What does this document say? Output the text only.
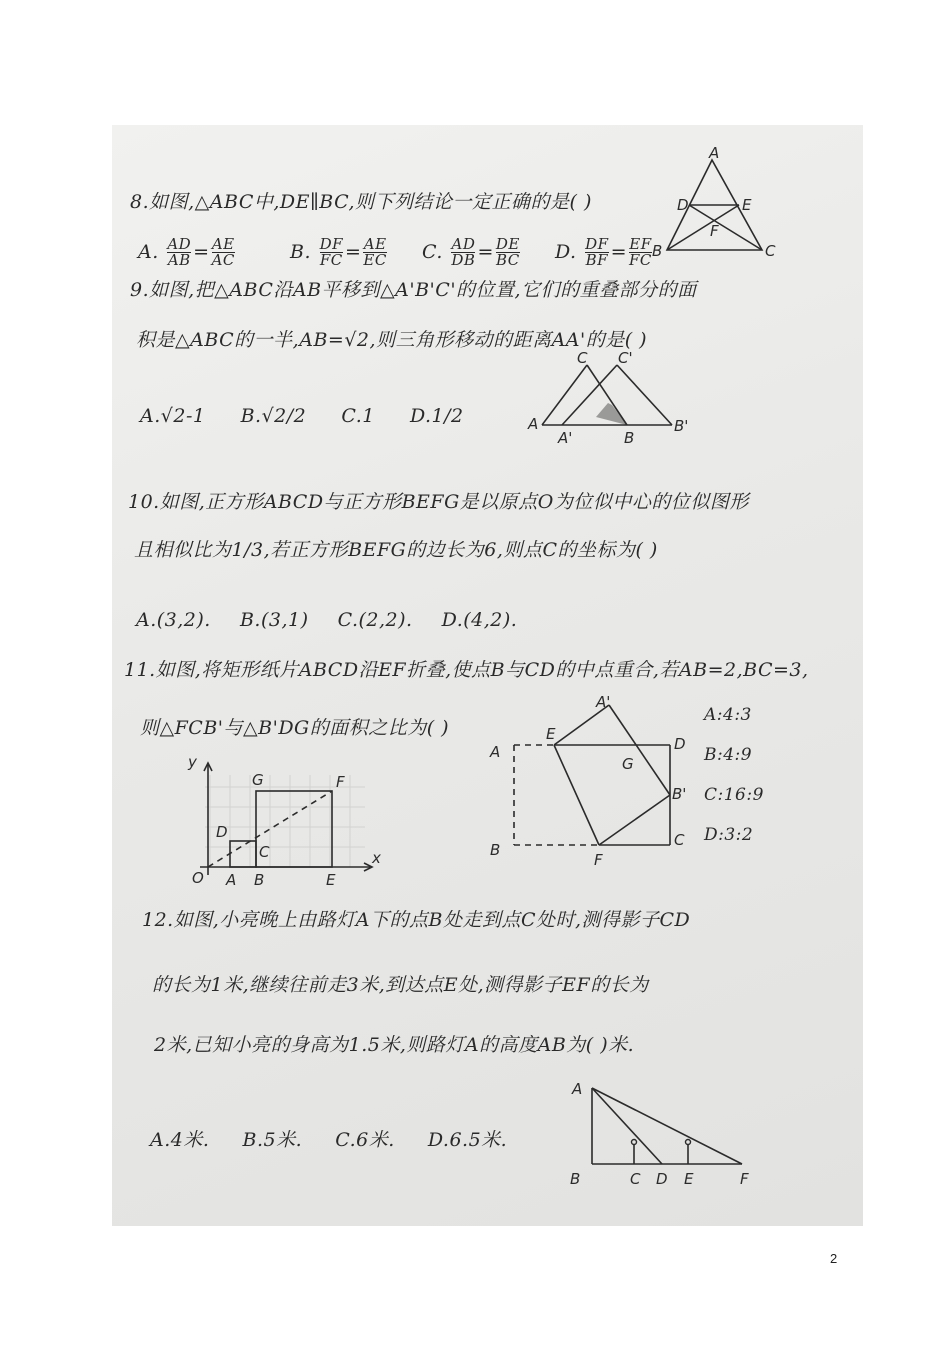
8.如图,△ABC中,DE∥BC,则下列结论一定正确的是( )
A. $\frac{AD}{AB} = \frac{AE}{AC}$	B. $\frac{DF}{FC} = \frac{AE}{EC} C$. $\frac{AD}{DB} = \frac{DE}{BC} D$. $\frac{DF}{BF} = \frac{EF}{FC}$
A
D	E
F
B	C
9.如图,把△ABC沿AB平移到△A'B'C'的位置,它们的重叠部分的面
积是△ABC的一半,AB=√2,则三角形移动的距离AA'的是( )
A.√2-1 B.√2/2 C.1 D.1/2	A
A'	B
B'
C C'
10.如图,正方形ABCD与正方形BEFG是以原点O为位似中心的位似图形
且相似比为1/3,若正方形BEFG的边长为6,则点C的坐标为( )
A.(3,2). B.(3,1) C.(2,2). D.(4,2).
11.如图,将矩形纸片ABCD沿EF折叠,使点B与CD的中点重合,若AB=2,BC=3,
则△FCB'与△B'DG的面积之比为( )
y
x
O A B
C
D
E
F
G
A'
A
E
D
G
B'
B
C
F
A:4:3
B:4:9
C:16:9
D:3:2
12.如图,小亮晚上由路灯A下的点B处走到点C处时,测得影子CD
的长为1米,继续往前走3米,到达点E处,测得影子EF的长为
2米,已知小亮的身高为1.5米,则路灯A的高度AB为( )米.
A.4米. B.5米. C.6米. D.6.5米.
A
B	C D E	F
2
